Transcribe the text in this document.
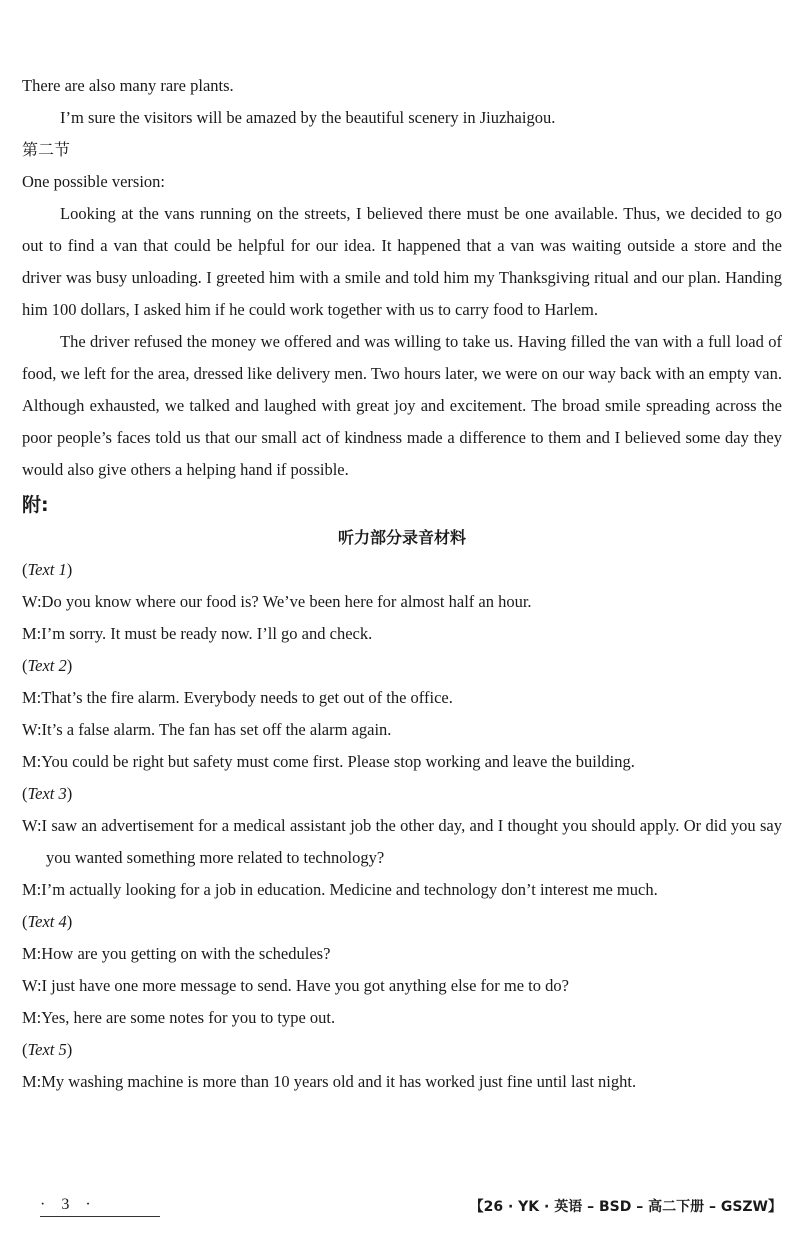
There are also many rare plants.

I’m sure the visitors will be amazed by the beautiful scenery in Jiuzhaigou.

第二节

One possible version:

Looking at the vans running on the streets, I believed there must be one available. Thus, we decided to go out to find a van that could be helpful for our idea. It happened that a van was waiting outside a store and the driver was busy unloading. I greeted him with a smile and told him my Thanksgiving ritual and our plan. Handing him 100 dollars, I asked him if he could work together with us to carry food to Harlem.

The driver refused the money we offered and was willing to take us. Having filled the van with a full load of food, we left for the area, dressed like delivery men. Two hours later, we were on our way back with an empty van. Although exhausted, we talked and laughed with great joy and excitement. The broad smile spreading across the poor people’s faces told us that our small act of kindness made a difference to them and I believed some day they would also give others a helping hand if possible.

附:

听力部分录音材料

(Text 1)

W:Do you know where our food is? We’ve been here for almost half an hour.

M:I’m sorry. It must be ready now. I’ll go and check.

(Text 2)

M:That’s the fire alarm. Everybody needs to get out of the office.

W:It’s a false alarm. The fan has set off the alarm again.

M:You could be right but safety must come first. Please stop working and leave the building.

(Text 3)

W:I saw an advertisement for a medical assistant job the other day, and I thought you should apply. Or did you say you wanted something more related to technology?

M:I’m actually looking for a job in education. Medicine and technology don’t interest me much.

(Text 4)

M:How are you getting on with the schedules?

W:I just have one more message to send. Have you got anything else for me to do?

M:Yes, here are some notes for you to type out.

(Text 5)

M:My washing machine is more than 10 years old and it has worked just fine until last night.

· 3 ·	【26 · YK · 英语 – BSD – 高二下册 – GSZW】
